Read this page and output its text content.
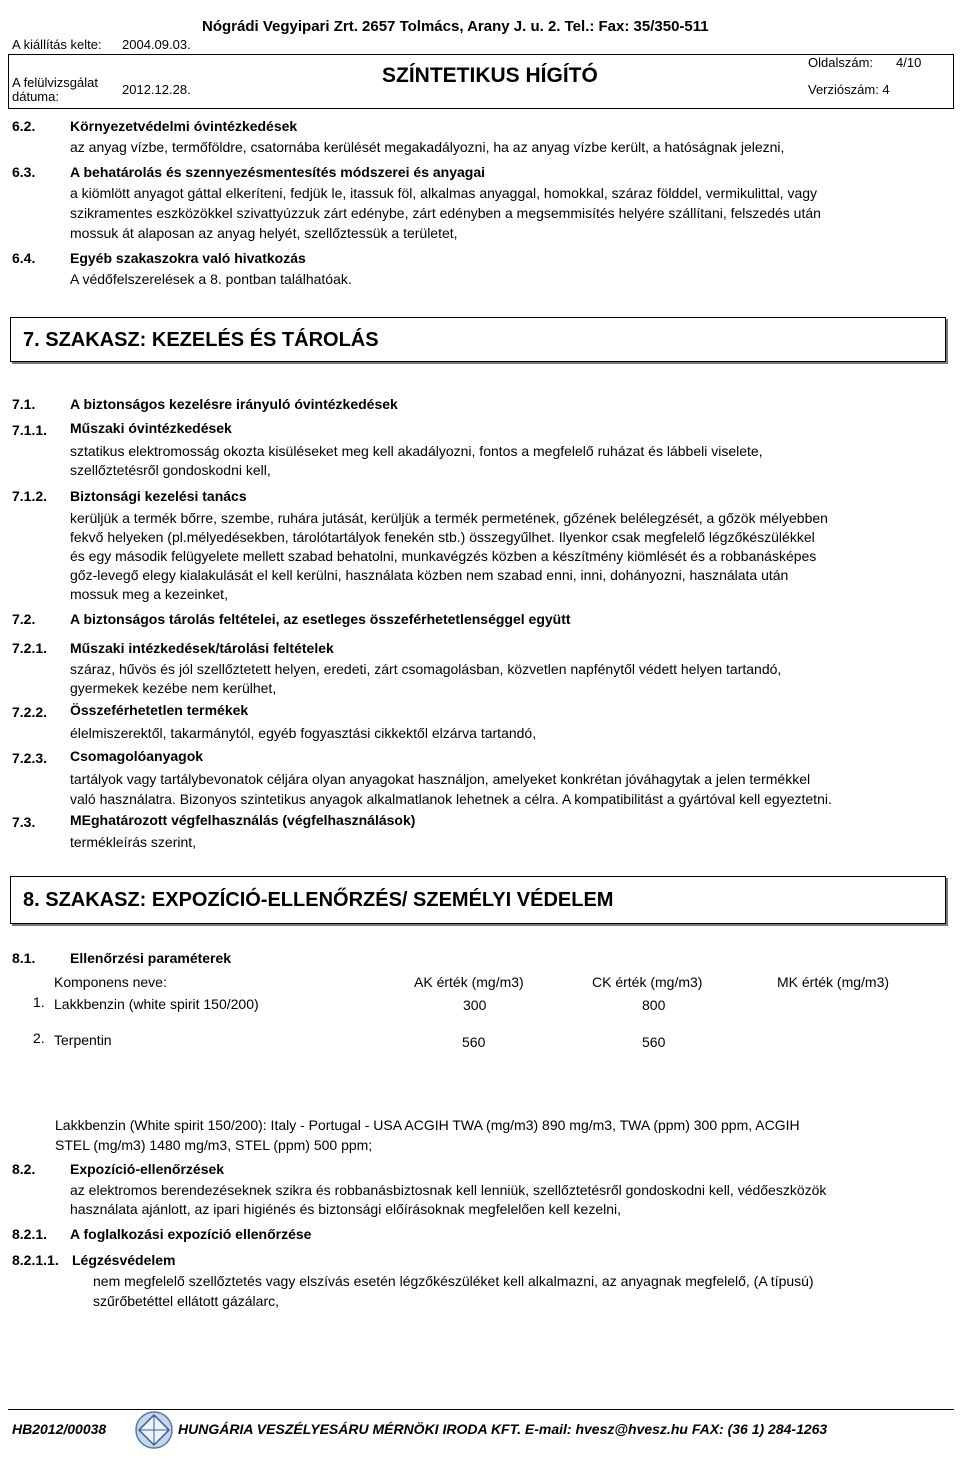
Nógrádi Vegyipari Zrt. 2657 Tolmács, Arany J. u. 2. Tel.: Fax: 35/350-511
A kiállítás kelte: 2004.09.03.
A felülvizsgálat
dátuma:	2012.12.28.
SZÍNTETIKUS HÍGÍTÓ
Oldalszám: 4/10
Verziószám: 4
6.2. Környezetvédelmi óvintézkedések
az anyag vízbe, termőföldre, csatornába kerülését megakadályozni, ha az anyag vízbe került, a hatóságnak jelezni,
6.3. A behatárolás és szennyezésmentesítés módszerei és anyagai
a kiömlött anyagot gáttal elkeríteni, fedjük le, itassuk föl, alkalmas anyaggal, homokkal, száraz földdel, vermikulittal, vagy
szikramentes eszközökkel szivattyúzzuk zárt edénybe, zárt edényben a megsemmisítés helyére szállítani, felszedés után
mossuk át alaposan az anyag helyét, szellőztessük a területet,
6.4. Egyéb szakaszokra való hivatkozás
A védőfelszerelések a 8. pontban találhatóak.
7. SZAKASZ: KEZELÉS ÉS TÁROLÁS
7.1. A biztonságos kezelésre irányuló óvintézkedések
7.1.1. Műszaki óvintézkedések
sztatikus elektromosság okozta kisüléseket meg kell akadályozni, fontos a megfelelő ruházat és lábbeli viselete,
szellőztetésről gondoskodni kell,
7.1.2. Biztonsági kezelési tanács
kerüljük a termék bőrre, szembe, ruhára jutását, kerüljük a termék permetének, gőzének belélegzését, a gőzök mélyebben
fekvő helyeken (pl.mélyedésekben, tárolótartályok fenekén stb.) összegyűlhet. Ilyenkor csak megfelelő légzőkészülékkel
és egy második felügyelete mellett szabad behatolni, munkavégzés közben a készítmény kiömlését és a robbanásképes
gőz-levegő elegy kialakulását el kell kerülni, használata közben nem szabad enni, inni, dohányozni, használata után
mossuk meg a kezeinket,
7.2. A biztonságos tárolás feltételei, az esetleges összeférhetetlenséggel együtt
7.2.1. Műszaki intézkedések/tárolási feltételek
száraz, hűvös és jól szellőztetett helyen, eredeti, zárt csomagolásban, közvetlen napfénytől védett helyen tartandó,
gyermekek kezébe nem kerülhet,
7.2.2. Összeférhetetlen termékek
élelmiszerektől, takarmánytól, egyéb fogyasztási cikkektől elzárva tartandó,
7.2.3. Csomagolóanyagok
tartályok vagy tartálybevonatok céljára olyan anyagokat használjon, amelyeket konkrétan jóváhagytak a jelen termékkel
való használatra. Bizonyos szintetikus anyagok alkalmatlanok lehetnek a célra. A kompatibilitást a gyártóval kell egyeztetni.
7.3. MEghatározott végfelhasználás (végfelhasználások)
termékleírás szerint,
8. SZAKASZ: EXPOZÍCIÓ-ELLENŐRZÉS/ SZEMÉLYI VÉDELEM
8.1. Ellenőrzési paraméterek
Komponens neve:	AK érték (mg/m3)	CK érték (mg/m3)	MK érték (mg/m3)
1. Lakkbenzin (white spirit 150/200)	300	800
2. Terpentin	560	560
Lakkbenzin (White spirit 150/200): Italy - Portugal - USA ACGIH TWA (mg/m3) 890 mg/m3, TWA (ppm) 300 ppm, ACGIH
STEL (mg/m3) 1480 mg/m3, STEL (ppm) 500 ppm;
8.2. Expozíció-ellenőrzések
az elektromos berendezéseknek szikra és robbanásbiztosnak kell lenniük, szellőztetésről gondoskodni kell, védőeszközök
használata ajánlott, az ipari higiénés és biztonsági előírásoknak megfelelően kell kezelni,
8.2.1. A foglalkozási expozíció ellenőrzése
8.2.1.1. Légzésvédelem
nem megfelelő szellőztetés vagy elszívás esetén légzőkészüléket kell alkalmazni, az anyagnak megfelelő, (A típusú)
szűrőbetéttel ellátott gázálarc,
HB2012/00038	HUNGÁRIA VESZÉLYESÁRU MÉRNÖKI IRODA KFT. E-mail: hvesz@hvesz.hu FAX: (36 1) 284-1263
